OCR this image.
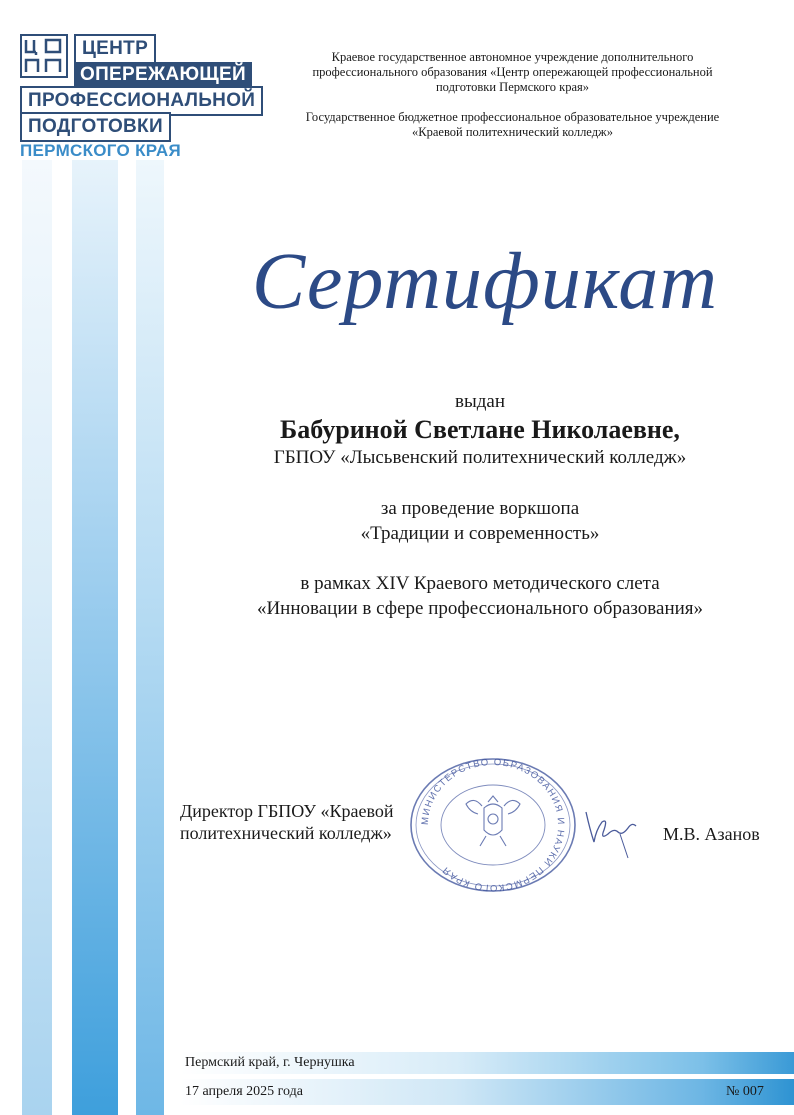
ЦЕНТР
ОПЕРЕЖАЮЩЕЙ
ПРОФЕССИОНАЛЬНОЙ
ПОДГОТОВКИ
ПЕРМСКОГО КРАЯ
Краевое государственное автономное учреждение дополнительного профессионального образования «Центр опережающей профессиональной подготовки Пермского края»
Государственное бюджетное профессиональное образовательное учреждение «Краевой политехнический колледж»
Сертификат
выдан
Бабуриной Светлане Николаевне,
ГБПОУ «Лысьвенский политехнический колледж»
за проведение воркшопа
«Традиции и современность»
в рамках XIV Краевого методического слета
«Инновации в сфере профессионального образования»
Директор ГБПОУ «Краевой политехнический колледж»
МИНИСТЕРСТВО ОБРАЗОВАНИЯ И НАУКИ ПЕРМСКОГО КРАЯ
М.В. Азанов
Пермский край, г. Чернушка
17 апреля 2025 года	№ 007
